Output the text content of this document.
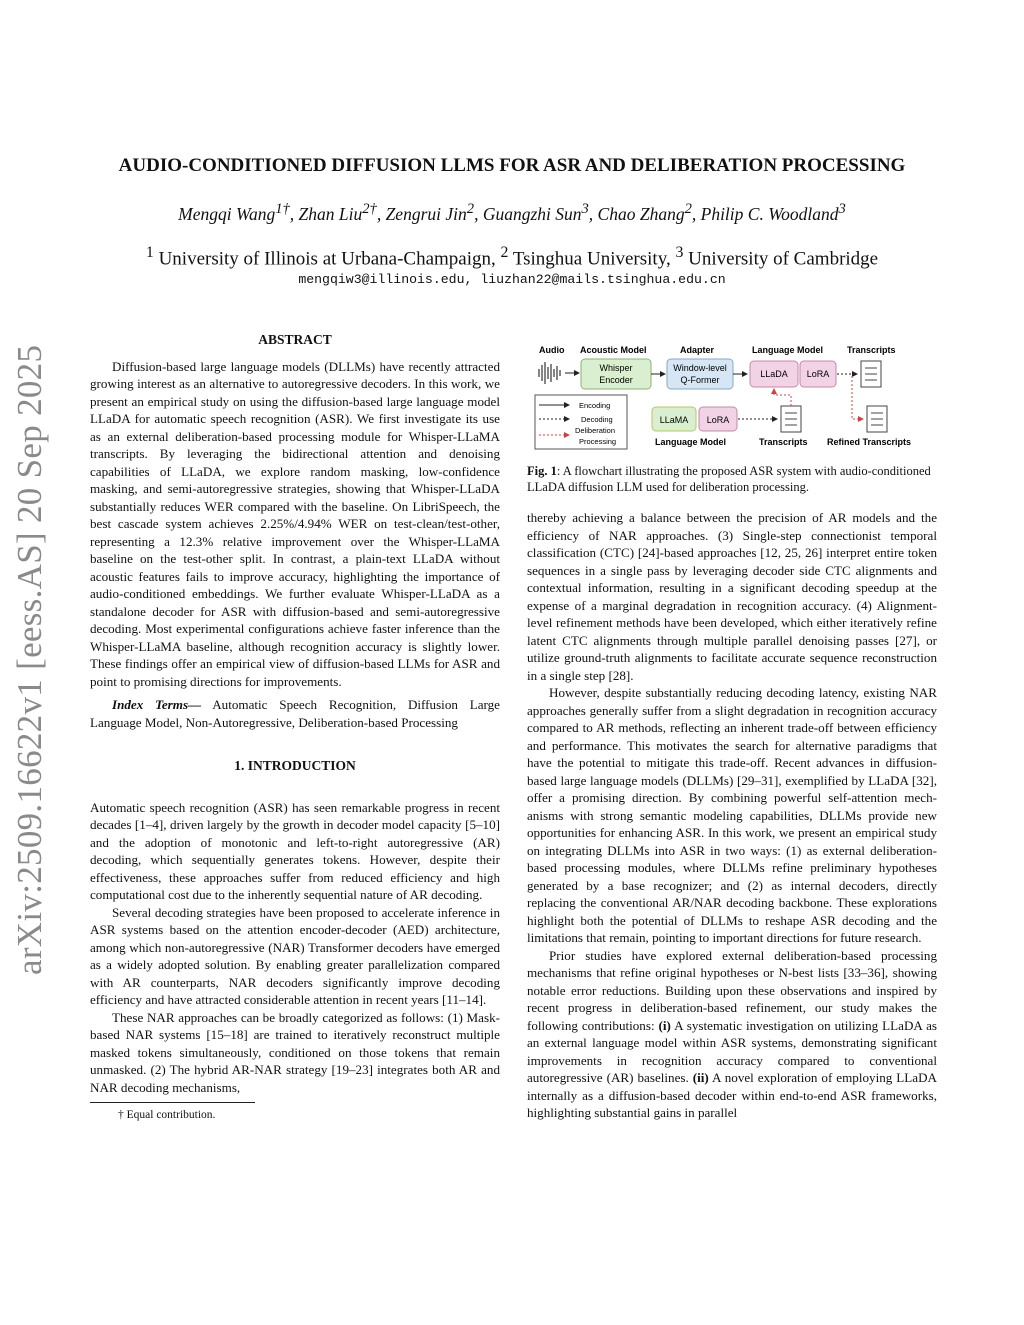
arXiv:2509.16622v1 [eess.AS] 20 Sep 2025
AUDIO-CONDITIONED DIFFUSION LLMS FOR ASR AND DELIBERATION PROCESSING
Mengqi Wang$^{1\dagger}$, Zhan Liu$^{2\dagger}$, Zengrui Jin$^2$, Guangzhi Sun$^3$, Chao Zhang$^2$, Philip C. Woodland$^3$
$^1$ University of Illinois at Urbana-Champaign, $^2$ Tsinghua University, $^3$ University of Cambridge
mengqiw3@illinois.edu, liuzhan22@mails.tsinghua.edu.cn
ABSTRACT

Diffusion-based large language models (DLLMs) have recently attracted growing interest as an alternative to autoregressive decoders. In this work, we present an empirical study on using the diffusion-based large language model LLaDA for automatic speech recognition (ASR). We first investigate its use as an external deliberation-based processing module for Whisper-LLaMA transcripts. By leveraging the bidirectional attention and denoising capabilities of LLaDA, we explore random masking, low-confidence masking, and semi-autoregressive strategies, showing that Whisper-LLaDA substantially reduces WER compared with the baseline. On LibriSpeech, the best cascade system achieves 2.25%/4.94% WER on test-clean/test-other, representing a 12.3% relative improvement over the Whisper-LLaMA baseline on the test-other split. In contrast, a plain-text LLaDA without acoustic features fails to improve accuracy, highlighting the importance of audio-conditioned embeddings. We further evaluate Whisper-LLaDA as a standalone decoder for ASR with diffusion-based and semi-autoregressive decoding. Most experimental configurations achieve faster inference than the Whisper-LLaMA baseline, although recognition accuracy is slightly lower. These findings offer an empirical view of diffusion-based LLMs for ASR and point to promising directions for improvements.

Index Terms— Automatic Speech Recognition, Diffusion Large Language Model, Non-Autoregressive, Deliberation-based Processing

1. INTRODUCTION

Automatic speech recognition (ASR) has seen remarkable progress in recent decades [1–4], driven largely by the growth in decoder model capacity [5–10] and the adoption of monotonic and left-to-right autoregressive (AR) decoding, which sequentially generates tokens. However, despite their effectiveness, these approaches suffer from reduced efficiency and high computational cost due to the inherently sequential nature of AR decoding.

Several decoding strategies have been proposed to accelerate inference in ASR systems based on the attention encoder-decoder (AED) architecture, among which non-autoregressive (NAR) Transformer decoders have emerged as a widely adopted solution. By enabling greater parallelization compared with AR counterparts, NAR decoders significantly improve decoding efficiency and have attracted considerable attention in recent years [11–14].

These NAR approaches can be broadly categorized as follows: (1) Mask-based NAR systems [15–18] are trained to iteratively reconstruct multiple masked tokens simultaneously, conditioned on those tokens that remain unmasked. (2) The hybrid AR-NAR strategy [19–23] integrates both AR and NAR decoding mechanisms,

† Equal contribution.
Audio Acoustic Model	Adapter	Language Model	Transcripts
Whisper
Encoder
Window-level
Q-Former
LLaDA LoRA
Encoding
Decoding
Deliberation
Processing
LLaMA LoRA
Language Model	Transcripts Refined Transcripts
Fig. 1: A flowchart illustrating the proposed ASR system with audio-conditioned LLaDA diffusion LLM used for deliberation processing.

thereby achieving a balance between the precision of AR models and the efficiency of NAR approaches. (3) Single-step connectionist temporal classification (CTC) [24]-based approaches [12, 25, 26] interpret entire token sequences in a single pass by leveraging decoder side CTC alignments and contextual information, resulting in a significant decoding speedup at the expense of a marginal degradation in recognition accuracy. (4) Alignment-level refinement methods have been developed, which either iteratively refine latent CTC alignments through multiple parallel denoising passes [27], or utilize ground-truth alignments to facilitate accurate sequence reconstruction in a single step [28].

However, despite substantially reducing decoding latency, existing NAR approaches generally suffer from a slight degradation in recognition accuracy compared to AR methods, reflecting an inherent trade-off between efficiency and performance. This motivates the search for alternative paradigms that have the potential to mitigate this trade-off. Recent advances in diffusion-based large language models (DLLMs) [29–31], exemplified by LLaDA [32], offer a promising direction. By combining powerful self-attention mechanisms with strong semantic modeling capabilities, DLLMs provide new opportunities for enhancing ASR. In this work, we present an empirical study on integrating DLLMs into ASR in two ways: (1) as external deliberation-based processing modules, where DLLMs refine preliminary hypotheses generated by a base recognizer; and (2) as internal decoders, directly replacing the conventional AR/NAR decoding backbone. These explorations highlight both the potential of DLLMs to reshape ASR decoding and the limitations that remain, pointing to important directions for future research.

Prior studies have explored external deliberation-based processing mechanisms that refine original hypotheses or N-best lists [33–36], showing notable error reductions. Building upon these observations and inspired by recent progress in deliberation-based refinement, our study makes the following contributions: (i) A systematic investigation on utilizing LLaDA as an external language model within ASR systems, demonstrating significant improvements in recognition accuracy compared to conventional autoregressive (AR) baselines. (ii) A novel exploration of employing LLaDA internally as a diffusion-based decoder within end-to-end ASR frameworks, highlighting substantial gains in parallel
